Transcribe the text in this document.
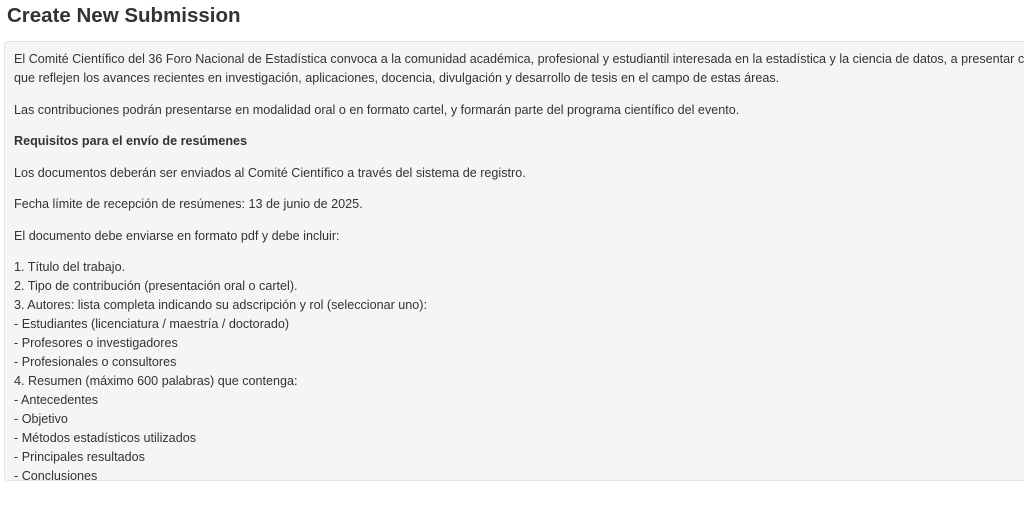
Create New Submission

El Comité Científico del 36 Foro Nacional de Estadística convoca a la comunidad académica, profesional y estudiantil interesada en la estadística y la ciencia de datos, a presentar c
que reflejen los avances recientes en investigación, aplicaciones, docencia, divulgación y desarrollo de tesis en el campo de estas áreas.

Las contribuciones podrán presentarse en modalidad oral o en formato cartel, y formarán parte del programa científico del evento.

Requisitos para el envío de resúmenes

Los documentos deberán ser enviados al Comité Científico a través del sistema de registro.

Fecha límite de recepción de resúmenes: 13 de junio de 2025.

El documento debe enviarse en formato pdf y debe incluir:

1. Título del trabajo.
2. Tipo de contribución (presentación oral o cartel).
3. Autores: lista completa indicando su adscripción y rol (seleccionar uno):
- Estudiantes (licenciatura / maestría / doctorado)
- Profesores o investigadores
- Profesionales o consultores
4. Resumen (máximo 600 palabras) que contenga:
- Antecedentes
- Objetivo
- Métodos estadísticos utilizados
- Principales resultados
- Conclusiones
